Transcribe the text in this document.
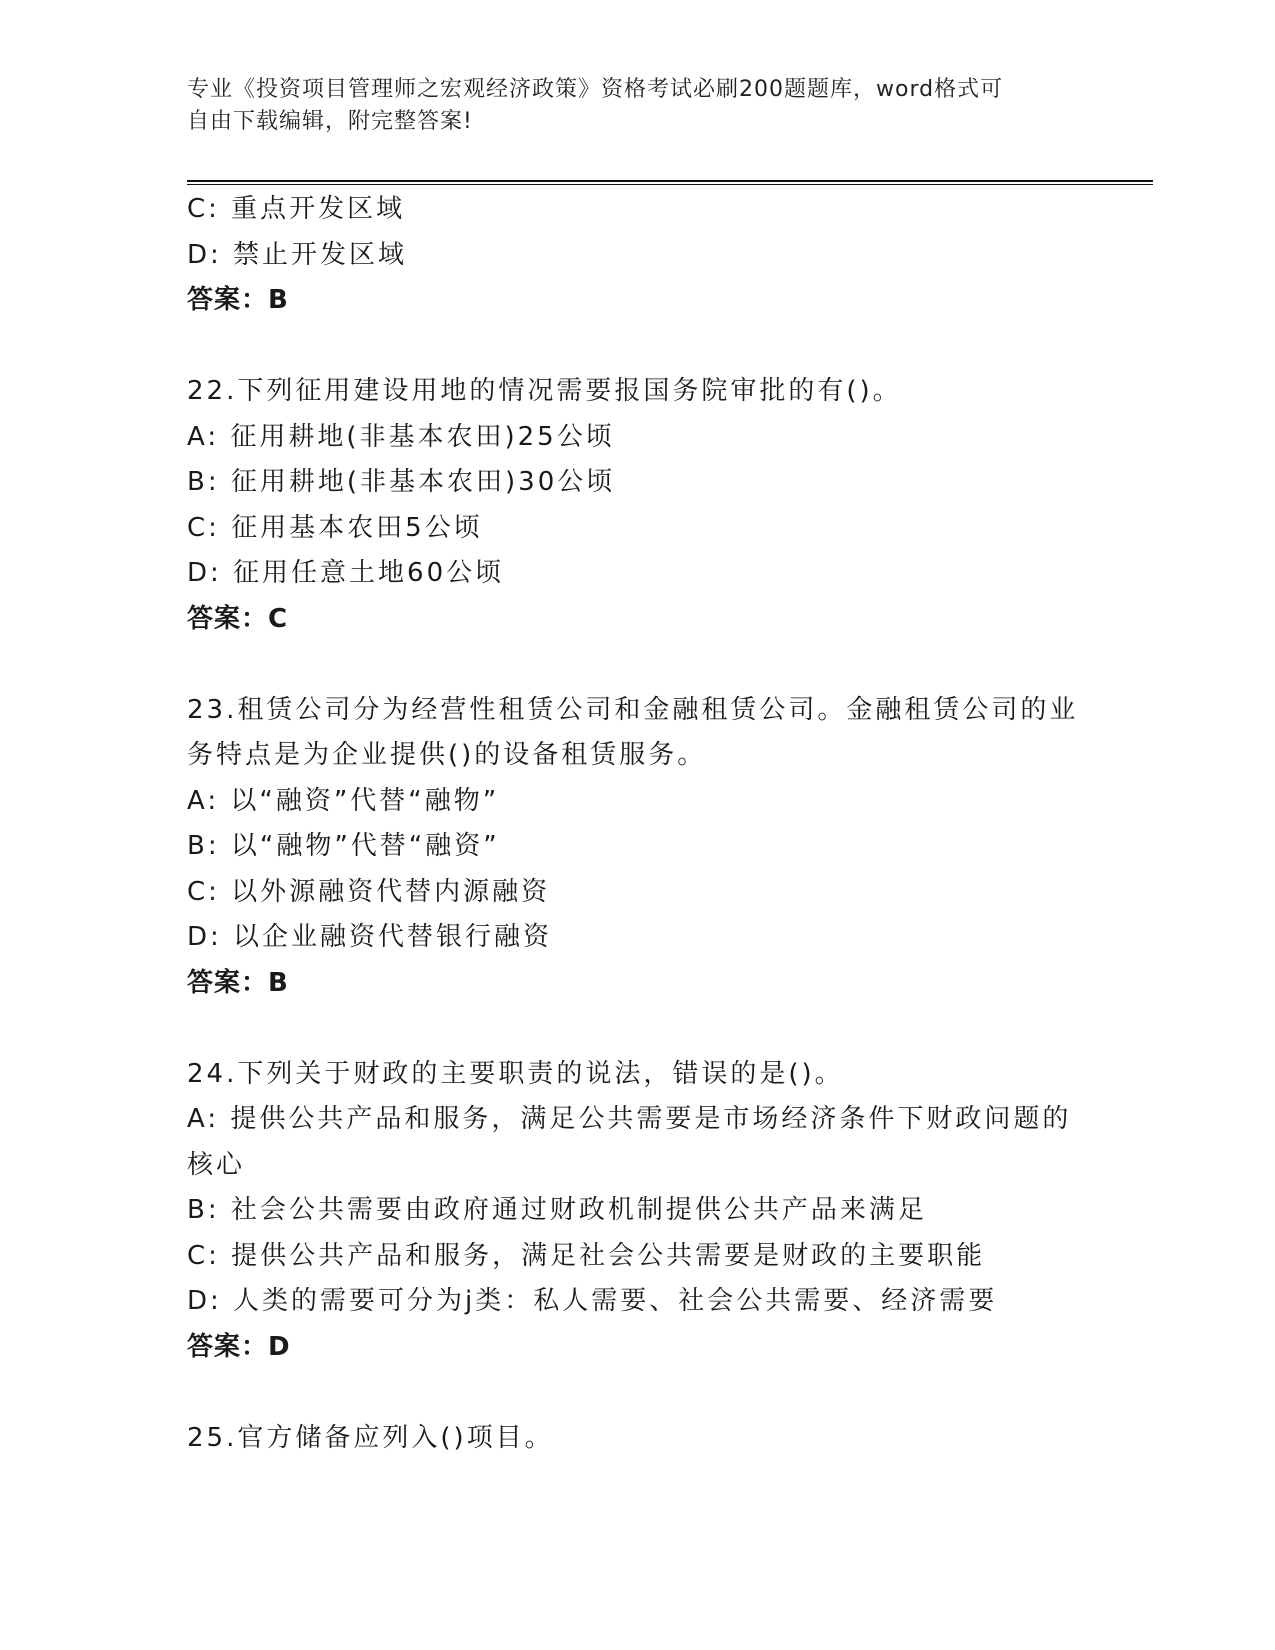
专业《投资项目管理师之宏观经济政策》资格考试必刷200题题库，word格式可
自由下载编辑，附完整答案!
C: 重点开发区域
D: 禁止开发区域
答案：B
22.下列征用建设用地的情况需要报国务院审批的有()。
A: 征用耕地(非基本农田)25公顷
B: 征用耕地(非基本农田)30公顷
C: 征用基本农田5公顷
D: 征用任意土地60公顷
答案：C
23.租赁公司分为经营性租赁公司和金融租赁公司。金融租赁公司的业
务特点是为企业提供()的设备租赁服务。
A: 以“融资”代替“融物”
B: 以“融物”代替“融资”
C: 以外源融资代替内源融资
D: 以企业融资代替银行融资
答案：B
24.下列关于财政的主要职责的说法，错误的是()。
A: 提供公共产品和服务，满足公共需要是市场经济条件下财政问题的
核心
B: 社会公共需要由政府通过财政机制提供公共产品来满足
C: 提供公共产品和服务，满足社会公共需要是财政的主要职能
D: 人类的需要可分为j类：私人需要、社会公共需要、经济需要
答案：D
25.官方储备应列入()项目。
